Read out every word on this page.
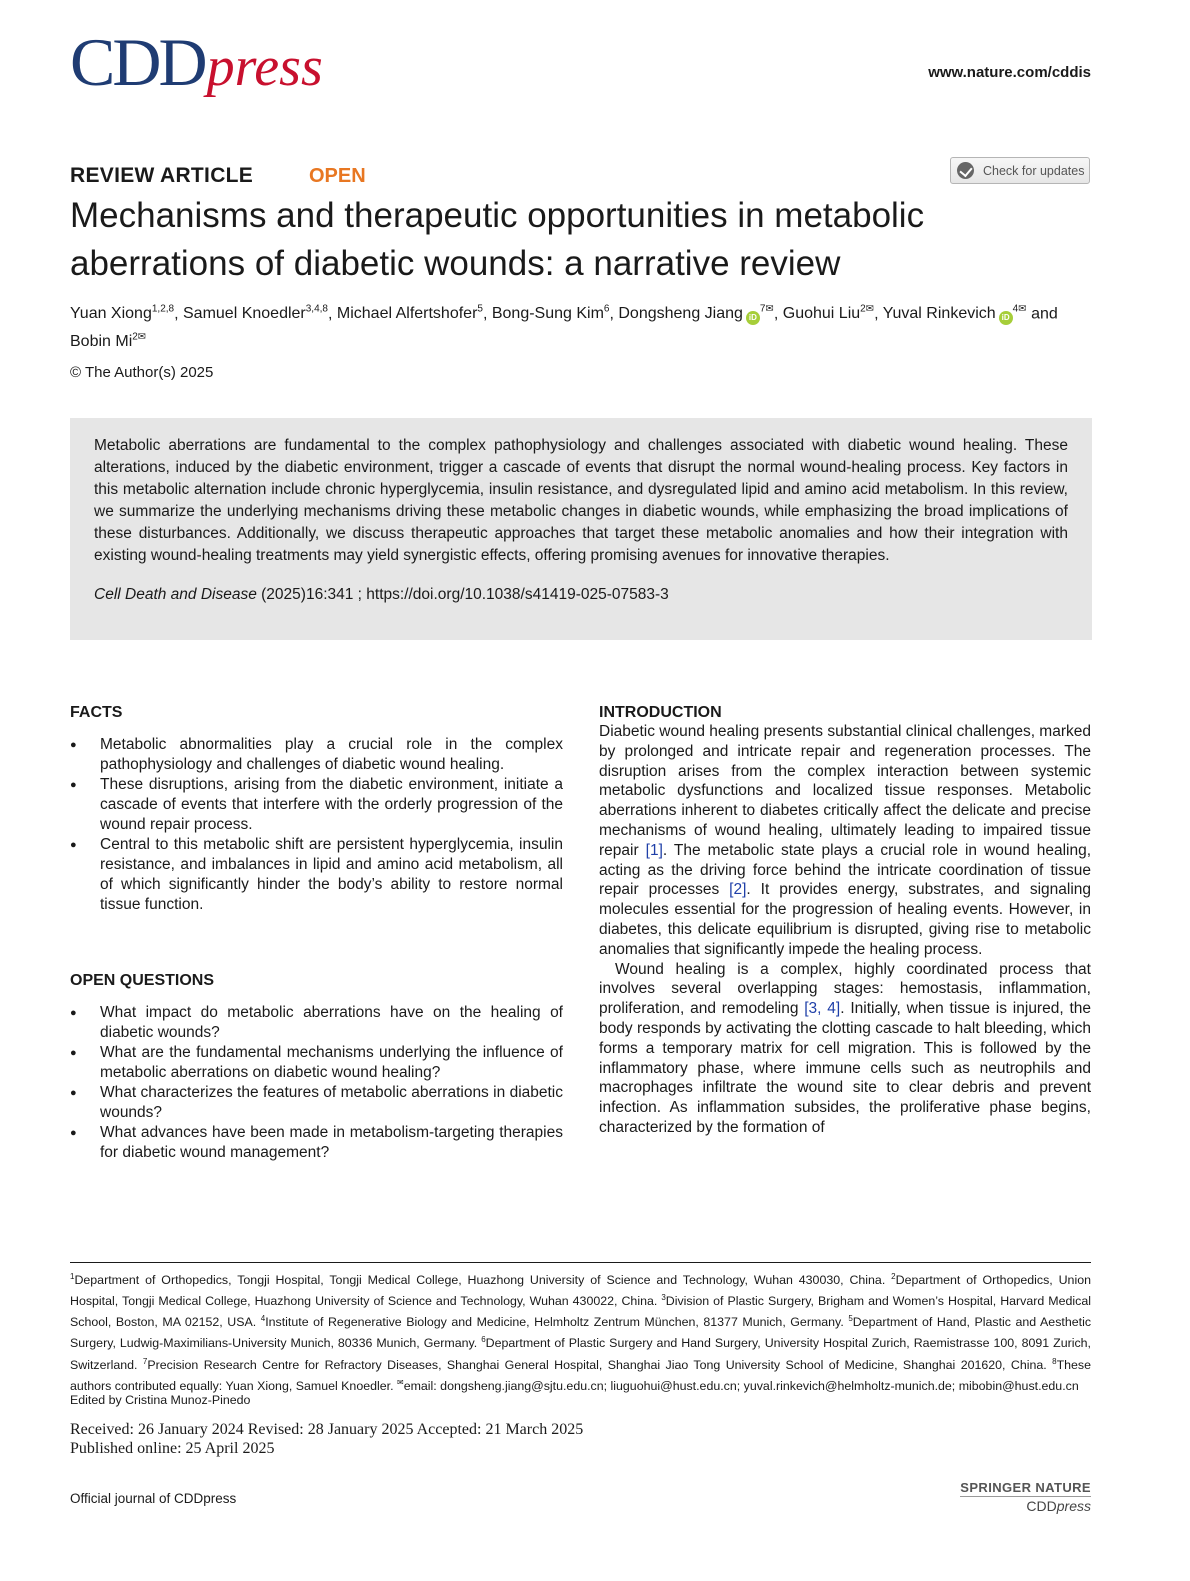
CDDpress	www.nature.com/cddis
REVIEW ARTICLE	OPEN	Check for updates
Mechanisms and therapeutic opportunities in metabolic aberrations of diabetic wounds: a narrative review
Yuan Xiong$^{1,2,8}$, Samuel Knoedler$^{3,4,8}$, Michael Alfertshofer$^5$, Bong-Sung Kim$^6$, Dongsheng Jiang $iD^{7✉}$, Guohui Liu$^{2✉}$, Yuval Rinkevich $iD^{4✉}$ and Bobin $Mi^{2✉}$
© The Author(s) 2025

Metabolic aberrations are fundamental to the complex pathophysiology and challenges associated with diabetic wound healing. These alterations, induced by the diabetic environment, trigger a cascade of events that disrupt the normal wound-healing process. Key factors in this metabolic alternation include chronic hyperglycemia, insulin resistance, and dysregulated lipid and amino acid metabolism. In this review, we summarize the underlying mechanisms driving these metabolic changes in diabetic wounds, while emphasizing the broad implications of these disturbances. Additionally, we discuss therapeutic approaches that target these metabolic anomalies and how their integration with existing wound-healing treatments may yield synergistic effects, offering promising avenues for innovative therapies.

Cell Death and Disease (2025)16:341 ; https://doi.org/10.1038/s41419-025-07583-3
FACTS
● Metabolic abnormalities play a crucial role in the complex pathophysiology and challenges of diabetic wound healing.
● These disruptions, arising from the diabetic environment, initiate a cascade of events that interfere with the orderly progression of the wound repair process.
● Central to this metabolic shift are persistent hyperglycemia, insulin resistance, and imbalances in lipid and amino acid metabolism, all of which significantly hinder the body’s ability to restore normal tissue function.
OPEN QUESTIONS
● What impact do metabolic aberrations have on the healing of diabetic wounds?
● What are the fundamental mechanisms underlying the influence of metabolic aberrations on diabetic wound healing?
● What characterizes the features of metabolic aberrations in diabetic wounds?
● What advances have been made in metabolism-targeting therapies for diabetic wound management?
INTRODUCTION

Diabetic wound healing presents substantial clinical challenges, marked by prolonged and intricate repair and regeneration processes. The disruption arises from the complex interaction between systemic metabolic dysfunctions and localized tissue responses. Metabolic aberrations inherent to diabetes critically affect the delicate and precise mechanisms of wound healing, ultimately leading to impaired tissue repair [1]. The metabolic state plays a crucial role in wound healing, acting as the driving force behind the intricate coordination of tissue repair processes [2]. It provides energy, substrates, and signaling molecules essential for the progression of healing events. However, in diabetes, this delicate equilibrium is disrupted, giving rise to metabolic anomalies that significantly impede the healing process.

Wound healing is a complex, highly coordinated process that involves several overlapping stages: hemostasis, inflammation, proliferation, and remodeling [3, 4]. Initially, when tissue is injured, the body responds by activating the clotting cascade to halt bleeding, which forms a temporary matrix for cell migration. This is followed by the inflammatory phase, where immune cells such as neutrophils and macrophages infiltrate the wound site to clear debris and prevent infection. As inflammation subsides, the proliferative phase begins, characterized by the formation of

$^1$Department of Orthopedics, Tongji Hospital, Tongji Medical College, Huazhong University of Science and Technology, Wuhan 430030, China. $^2$Department of Orthopedics, Union Hospital, Tongji Medical College, Huazhong University of Science and Technology, Wuhan 430022, China. $^3$Division of Plastic Surgery, Brigham and Women’s Hospital, Harvard Medical School, Boston, MA 02152, USA. $^4$Institute of Regenerative Biology and Medicine, Helmholtz Zentrum München, 81377 Munich, Germany. $^5$Department of Hand, Plastic and Aesthetic Surgery, Ludwig-Maximilians-University Munich, 80336 Munich, Germany. $^6$Department of Plastic Surgery and Hand Surgery, University Hospital Zurich, Raemistrasse 100, 8091 Zurich, Switzerland. $^7$Precision Research Centre for Refractory Diseases, Shanghai General Hospital, Shanghai Jiao Tong University School of Medicine, Shanghai 201620, China. $^8$These authors contributed equally: Yuan Xiong, Samuel Knoedler. ✉email: dongsheng.jiang@sjtu.edu.cn; liuguohui@hust.edu.cn; yuval.rinkevich@helmholtz-munich.de; mibobin@hust.edu.cn
Edited by Cristina Munoz-Pinedo
Received: 26 January 2024 Revised: 28 January 2025 Accepted: 21 March 2025
Published online: 25 April 2025
Official journal of CDDpress
SPRINGER NATURE
CDDpress
